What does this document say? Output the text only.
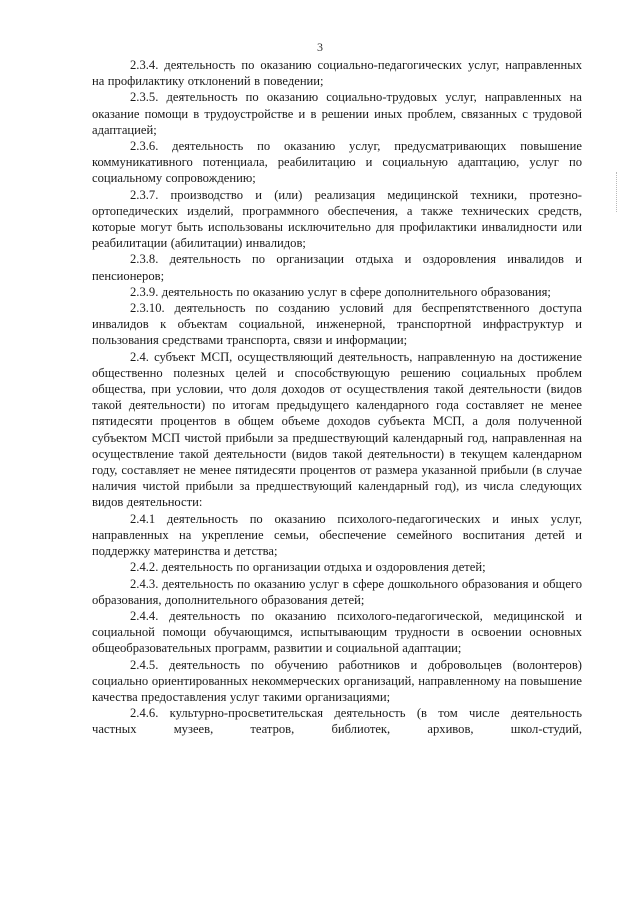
3

2.3.4. деятельность по оказанию социально-педагогических услуг, направленных на профилактику отклонений в поведении;

2.3.5. деятельность по оказанию социально-трудовых услуг, направленных на оказание помощи в трудоустройстве и в решении иных проблем, связанных с трудовой адаптацией;

2.3.6. деятельность по оказанию услуг, предусматривающих повышение коммуникативного потенциала, реабилитацию и социальную адаптацию, услуг по социальному сопровождению;

2.3.7. производство и (или) реализация медицинской техники, протезно-ортопедических изделий, программного обеспечения, а также технических средств, которые могут быть использованы исключительно для профилактики инвалидности или реабилитации (абилитации) инвалидов;

2.3.8. деятельность по организации отдыха и оздоровления инвалидов и пенсионеров;

2.3.9. деятельность по оказанию услуг в сфере дополнительного образования;

2.3.10. деятельность по созданию условий для беспрепятственного доступа инвалидов к объектам социальной, инженерной, транспортной инфраструктур и пользования средствами транспорта, связи и информации;

2.4. субъект МСП, осуществляющий деятельность, направленную на достижение общественно полезных целей и способствующую решению социальных проблем общества, при условии, что доля доходов от осуществления такой деятельности (видов такой деятельности) по итогам предыдущего календарного года составляет не менее пятидесяти процентов в общем объеме доходов субъекта МСП, а доля полученной субъектом МСП чистой прибыли за предшествующий календарный год, направленная на осуществление такой деятельности (видов такой деятельности) в текущем календарном году, составляет не менее пятидесяти процентов от размера указанной прибыли (в случае наличия чистой прибыли за предшествующий календарный год), из числа следующих видов деятельности:

2.4.1 деятельность по оказанию психолого-педагогических и иных услуг, направленных на укрепление семьи, обеспечение семейного воспитания детей и поддержку материнства и детства;

2.4.2. деятельность по организации отдыха и оздоровления детей;

2.4.3. деятельность по оказанию услуг в сфере дошкольного образования и общего образования, дополнительного образования детей;

2.4.4. деятельность по оказанию психолого-педагогической, медицинской и социальной помощи обучающимся, испытывающим трудности в освоении основных общеобразовательных программ, развитии и социальной адаптации;

2.4.5. деятельность по обучению работников и добровольцев (волонтеров) социально ориентированных некоммерческих организаций, направленному на повышение качества предоставления услуг такими организациями;

2.4.6. культурно-просветительская деятельность (в том числе деятельность частных музеев, театров, библиотек, архивов, школ-студий,
